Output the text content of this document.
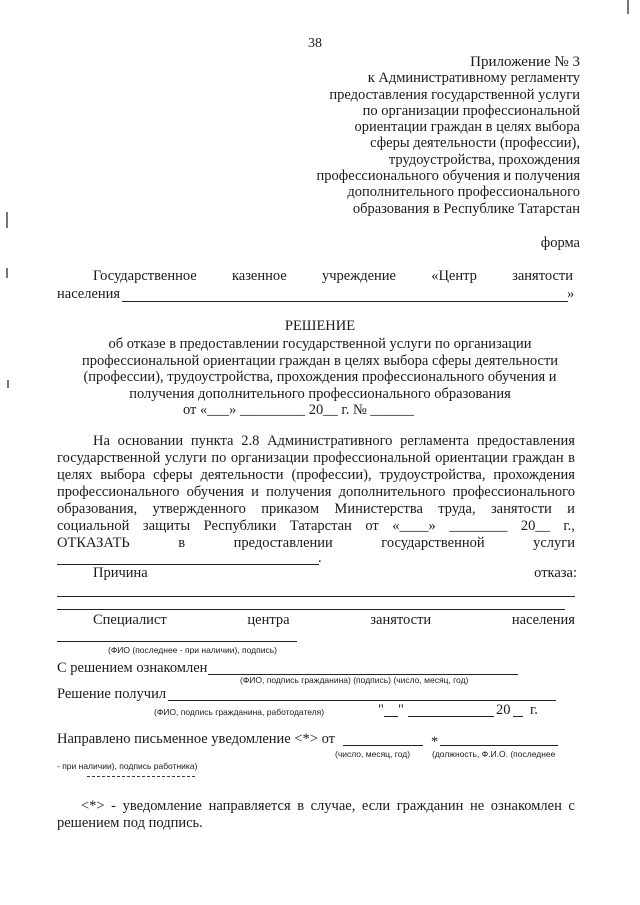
38
Приложение № 3
к Административному регламенту
предоставления государственной услуги
по организации профессиональной
ориентации граждан в целях выбора
сферы деятельности (профессии),
трудоустройства, прохождения
профессионального обучения и получения
дополнительного профессионального
образования в Республике Татарстан
форма
Государственное казенное учреждение «Центр занятости
населения	»
РЕШЕНИЕ
об отказе в предоставлении государственной услуги по организации
профессиональной ориентации граждан в целях выбора сферы деятельности
(профессии), трудоустройства, прохождения профессионального обучения и
получения дополнительного профессионального образования
от «___» _________ 20__ г. № ______
На основании пункта 2.8 Административного регламента предоставления
государственной услуги по организации профессиональной ориентации граждан в
целях выбора сферы деятельности (профессии), трудоустройства, прохождения
профессионального обучения и получения дополнительного профессионального
образования, утвержденного приказом Министерства труда, занятости и
социальной защиты Республики Татарстан от «____» ________ 20__ г.,
ОТКАЗАТЬ	в	предоставлении	государственной	услуги
.
Причина	отказа:
Специалист	центра	занятости	населения
(ФИО (последнее - при наличии), подпись)
С решением ознакомлен
(ФИО, подпись гражданина) (подпись) (число, месяц, год)
Решение получил
(ФИО, подпись гражданина, работодателя)	" "	20 г.
Направлено письменное уведомление <*> от	*
(число, месяц, год)	(должность, Ф.И.О. (последнее
- при наличии), подпись работника)
<*> - уведомление направляется в случае, если гражданин не ознакомлен с
решением под подпись.
